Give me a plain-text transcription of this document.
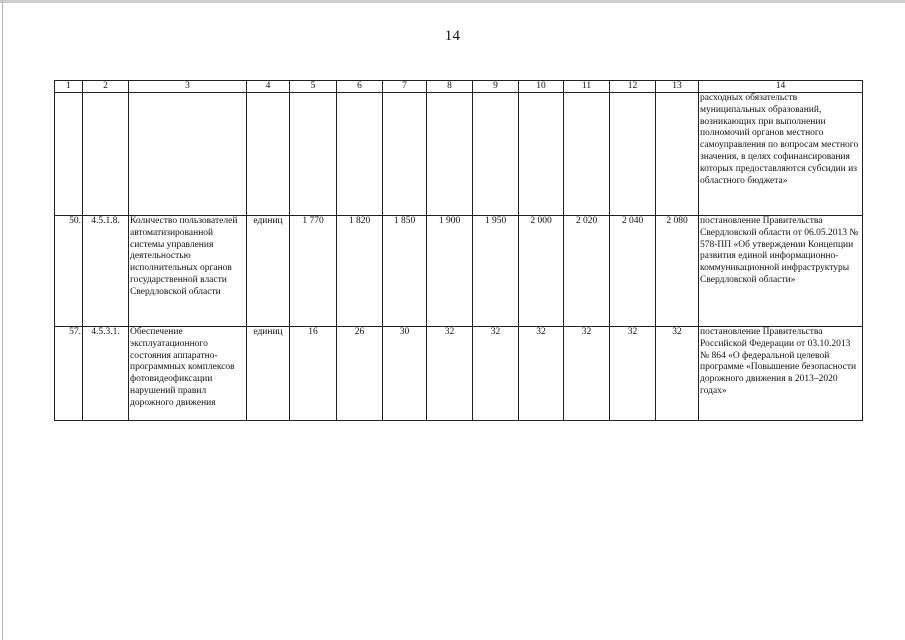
14
1	2	3	4	5	6	7	8	9	10	11	12	13	14
													расходных обязательств муниципальных образований, возникающих при выполнении полномочий органов местного самоуправления по вопросам местного значения, в целях софинансирования которых предоставляются субсидии из областного бюджета»
50.	4.5.1.8.	Количество пользователей автоматизированной системы управления деятельностью исполнительных органов государственной власти Свердловской области	единиц	1 770	1 820	1 850	1 900	1 950	2 000	2 020	2 040	2 080	постановление Правительства Свердловской области от 06.05.2013 № 578-ПП «Об утверждении Концепции развития единой информационно-коммуникационной инфраструктуры Свердловской области»
57.	4.5.3.1.	Обеспечение эксплуатационного состояния аппаратно-программных комплексов фотовидеофиксации нарушений правил дорожного движения	единиц	16	26	30	32	32	32	32	32	32	постановление Правительства Российской Федерации от 03.10.2013 № 864 «О федеральной целевой программе «Повышение безопасности дорожного движения в 2013–2020 годах»
